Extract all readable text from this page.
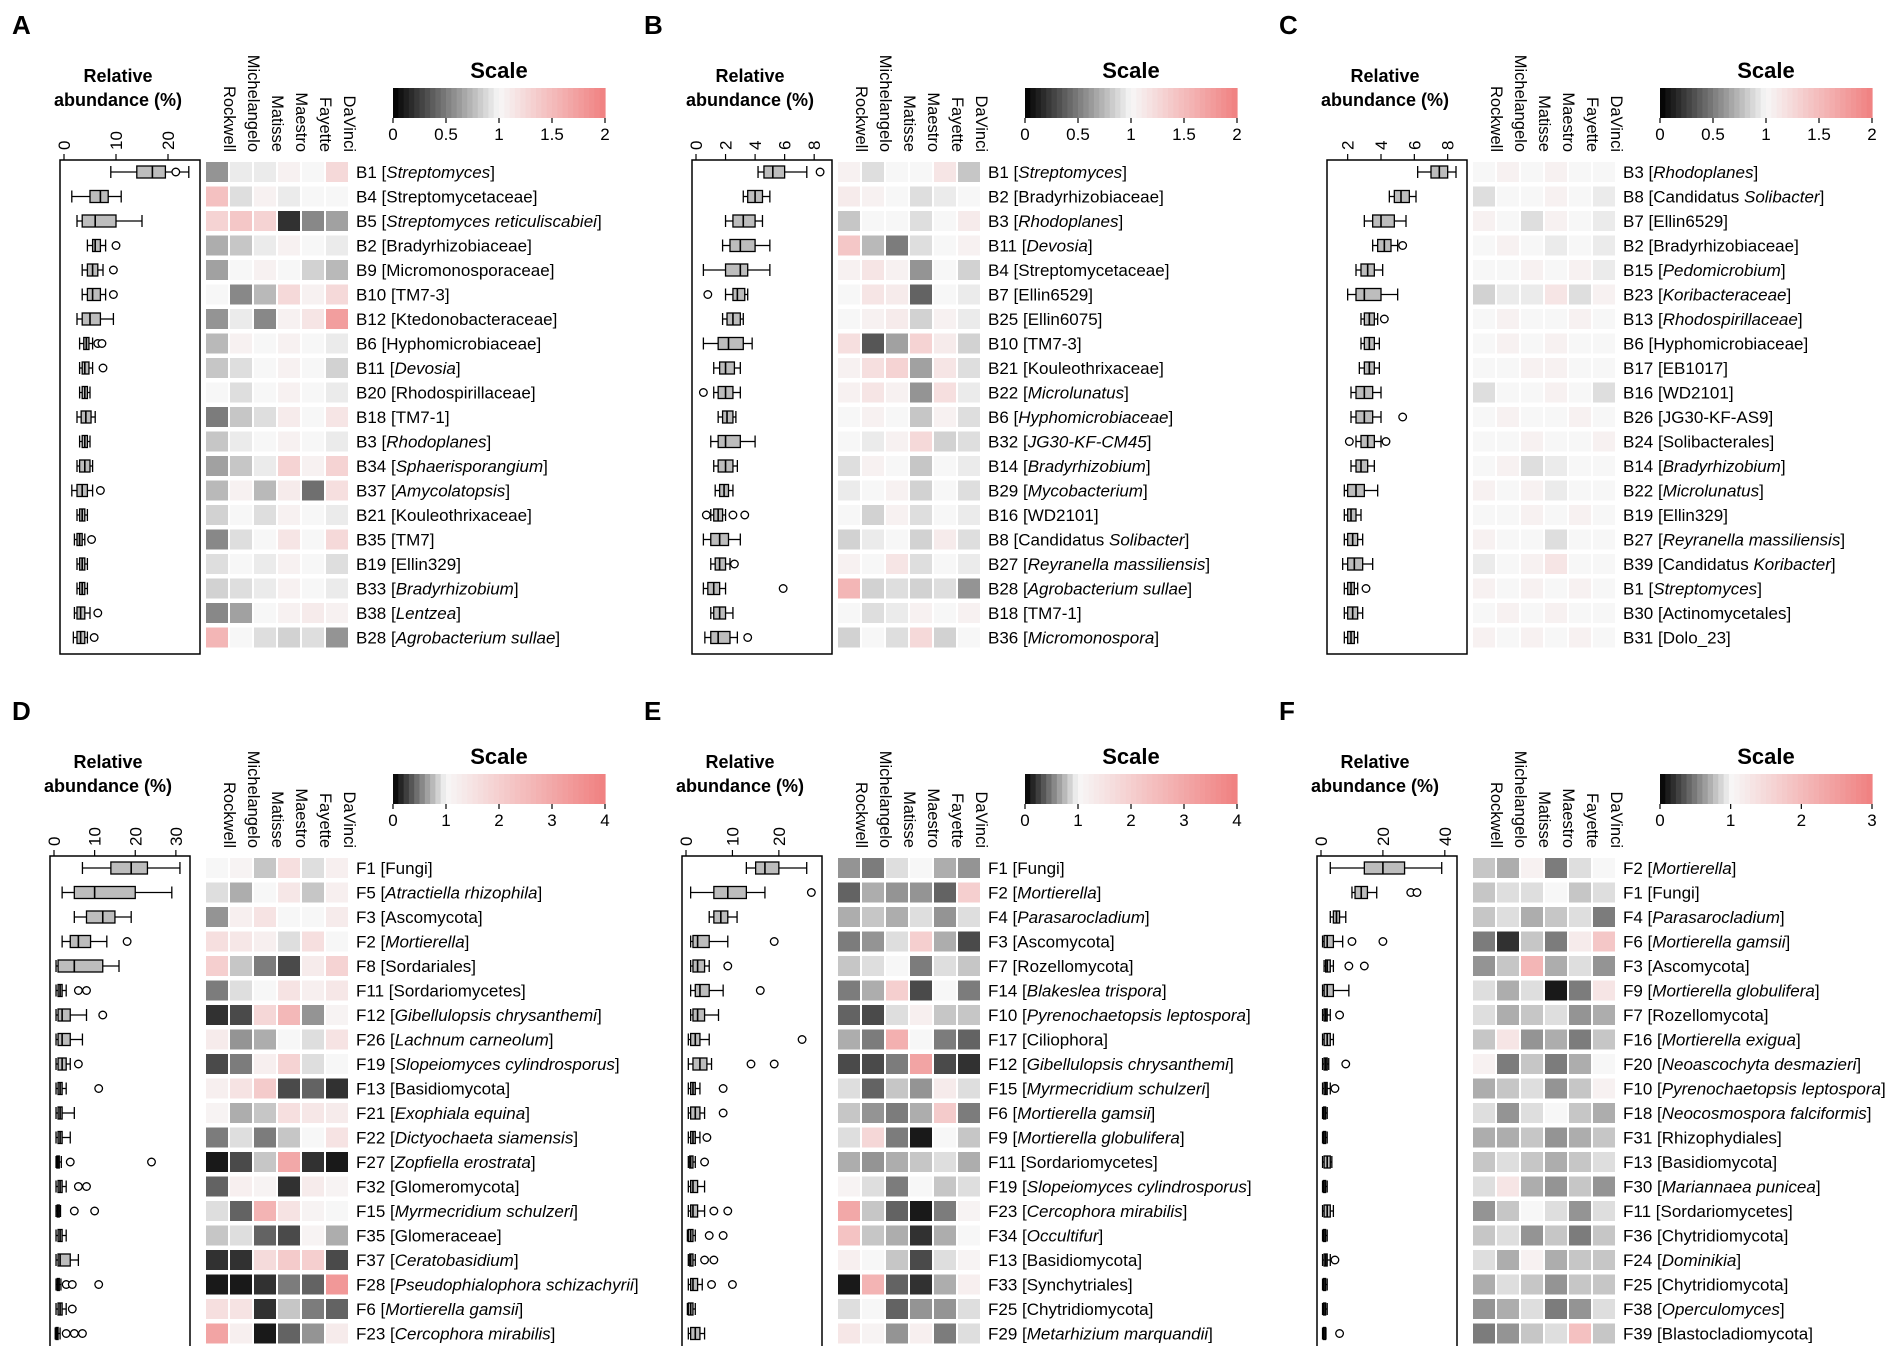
A
Relative
abundance (%)
0 10 20	Rockwell Michelangelo Matisse Maestro Fayette DaVinci
B1 [Streptomyces]
B4 [Streptomycetaceae]
B5 [Streptomyces reticuliscabiei]
B2 [Bradyrhizobiaceae]
B9 [Micromonosporaceae]
B10 [TM7-3]
B12 [Ktedonobacteraceae]
B6 [Hyphomicrobiaceae]
B11 [Devosia]
B20 [Rhodospirillaceae]
B18 [TM7-1]
B3 [Rhodoplanes]
B34 [Sphaerisporangium]
B37 [Amycolatopsis]
B21 [Kouleothrixaceae]
B35 [TM7]
B19 [Ellin329]
B33 [Bradyrhizobium]
B38 [Lentzea]
B28 [Agrobacterium sullae]
Scale
0 0.5 1 1.5 2
B
Relative
abundance (%)
0 2 4 6 8 Rockwell Michelangelo Matisse Maestro Fayette DaVinci
B1 [Streptomyces]
B2 [Bradyrhizobiaceae]
B3 [Rhodoplanes]
B11 [Devosia]
B4 [Streptomycetaceae]
B7 [Ellin6529]
B25 [Ellin6075]
B10 [TM7-3]
B21 [Kouleothrixaceae]
B22 [Microlunatus]
B6 [Hyphomicrobiaceae]
B32 [JG30-KF-CM45]
B14 [Bradyrhizobium]
B29 [Mycobacterium]
B16 [WD2101]
B8 [Candidatus Solibacter]
B27 [Reyranella massiliensis]
B28 [Agrobacterium sullae]
B18 [TM7-1]
B36 [Micromonospora]
Scale
0 0.5 1 1.5 2
C
Relative
abundance (%)
2 4 6 8 Rockwell Michelangelo Matisse Maestro Fayette DaVinci
B3 [Rhodoplanes]
B8 [Candidatus Solibacter]
B7 [Ellin6529]
B2 [Bradyrhizobiaceae]
B15 [Pedomicrobium]
B23 [Koribacteraceae]
B13 [Rhodospirillaceae]
B6 [Hyphomicrobiaceae]
B17 [EB1017]
B16 [WD2101]
B26 [JG30-KF-AS9]
B24 [Solibacterales]
B14 [Bradyrhizobium]
B22 [Microlunatus]
B19 [Ellin329]
B27 [Reyranella massiliensis]
B39 [Candidatus Koribacter]
B1 [Streptomyces]
B30 [Actinomycetales]
B31 [Dolo_23]
Scale
0 0.5 1 1.5 2
D
Relative
abundance (%)
0 10 20 30 Rockwell Michelangelo Matisse Maestro Fayette DaVinci
F1 [Fungi]
F5 [Atractiella rhizophila]
F3 [Ascomycota]
F2 [Mortierella]
F8 [Sordariales]
F11 [Sordariomycetes]
F12 [Gibellulopsis chrysanthemi]
F26 [Lachnum carneolum]
F19 [Slopeiomyces cylindrosporus]
F13 [Basidiomycota]
F21 [Exophiala equina]
F22 [Dictyochaeta siamensis]
F27 [Zopfiella erostrata]
F32 [Glomeromycota]
F15 [Myrmecridium schulzeri]
F35 [Glomeraceae]
F37 [Ceratobasidium]
F28 [Pseudophialophora schizachyrii]
F6 [Mortierella gamsii]
F23 [Cercophora mirabilis]
Scale
0	1	2	3	4
E
Relative
abundance (%)
0 10 20	Rockwell Michelangelo Matisse Maestro Fayette DaVinci
F1 [Fungi]
F2 [Mortierella]
F4 [Parasarocladium]
F3 [Ascomycota]
F7 [Rozellomycota]
F14 [Blakeslea trispora]
F10 [Pyrenochaetopsis leptospora]
F17 [Ciliophora]
F12 [Gibellulopsis chrysanthemi]
F15 [Myrmecridium schulzeri]
F6 [Mortierella gamsii]
F9 [Mortierella globulifera]
F11 [Sordariomycetes]
F19 [Slopeiomyces cylindrosporus]
F23 [Cercophora mirabilis]
F34 [Occultifur]
F13 [Basidiomycota]
F33 [Synchytriales]
F25 [Chytridiomycota]
F29 [Metarhizium marquandii]
Scale
0	1	2	3	4
F
Relative
abundance (%)
0	20	40 Rockwell Michelangelo Matisse Maestro Fayette DaVinci
F2 [Mortierella]
F1 [Fungi]
F4 [Parasarocladium]
F6 [Mortierella gamsii]
F3 [Ascomycota]
F9 [Mortierella globulifera]
F7 [Rozellomycota]
F16 [Mortierella exigua]
F20 [Neoascochyta desmazieri]
F10 [Pyrenochaetopsis leptospora]
F18 [Neocosmospora falciformis]
F31 [Rhizophydiales]
F13 [Basidiomycota]
F30 [Mariannaea punicea]
F11 [Sordariomycetes]
F36 [Chytridiomycota]
F24 [Dominikia]
F25 [Chytridiomycota]
F38 [Operculomyces]
F39 [Blastocladiomycota]
Scale
0	1	2	3
